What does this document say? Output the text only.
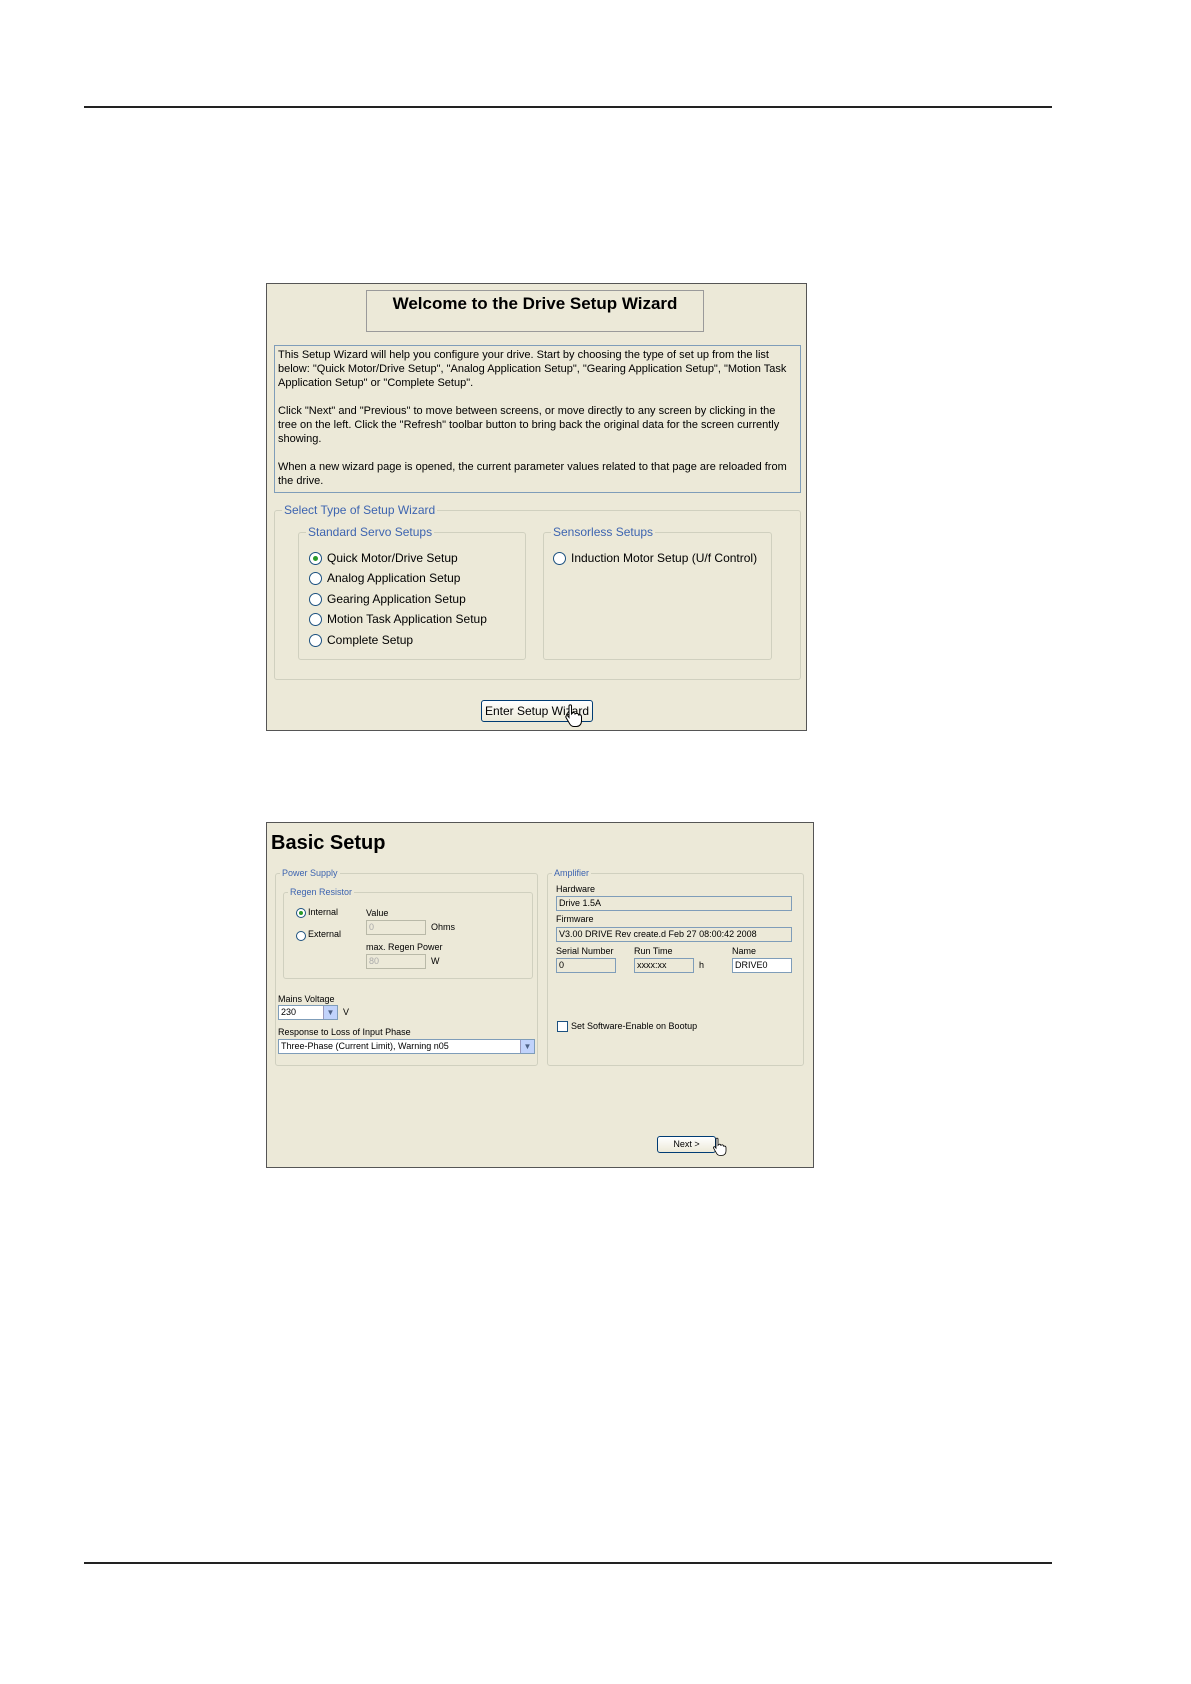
Welcome to the Drive Setup Wizard

This Setup Wizard will help you configure your drive. Start by choosing the type of set up from the list below: "Quick Motor/Drive Setup", "Analog Application Setup", "Gearing Application Setup", "Motion Task Application Setup" or "Complete Setup".

Click "Next" and "Previous" to move between screens, or move directly to any screen by clicking in the tree on the left. Click the "Refresh" toolbar button to bring back the original data for the screen currently showing.

When a new wizard page is opened, the current parameter values related to that page are reloaded from the drive.

Select Type of Setup Wizard
Standard Servo Setups
Quick Motor/Drive Setup
Analog Application Setup
Gearing Application Setup
Motion Task Application Setup
Complete Setup
Sensorless Setups
Induction Motor Setup (U/f Control)
Enter Setup Wizard
Basic Setup
Power Supply
Regen Resistor
Internal
External
Value
0	Ohms
max. Regen Power
80	W
Mains Voltage
230	▼ V
Response to Loss of Input Phase
Three-Phase (Current Limit), Warning n05	▼
Amplifier
Hardware
Drive 1.5A
Firmware
V3.00 DRIVE Rev create.d Feb 27 08:00:42 2008
Serial Number
0
Run Time
xxxx:xx	h
Name
DRIVE0
Set Software-Enable on Bootup
Next >
